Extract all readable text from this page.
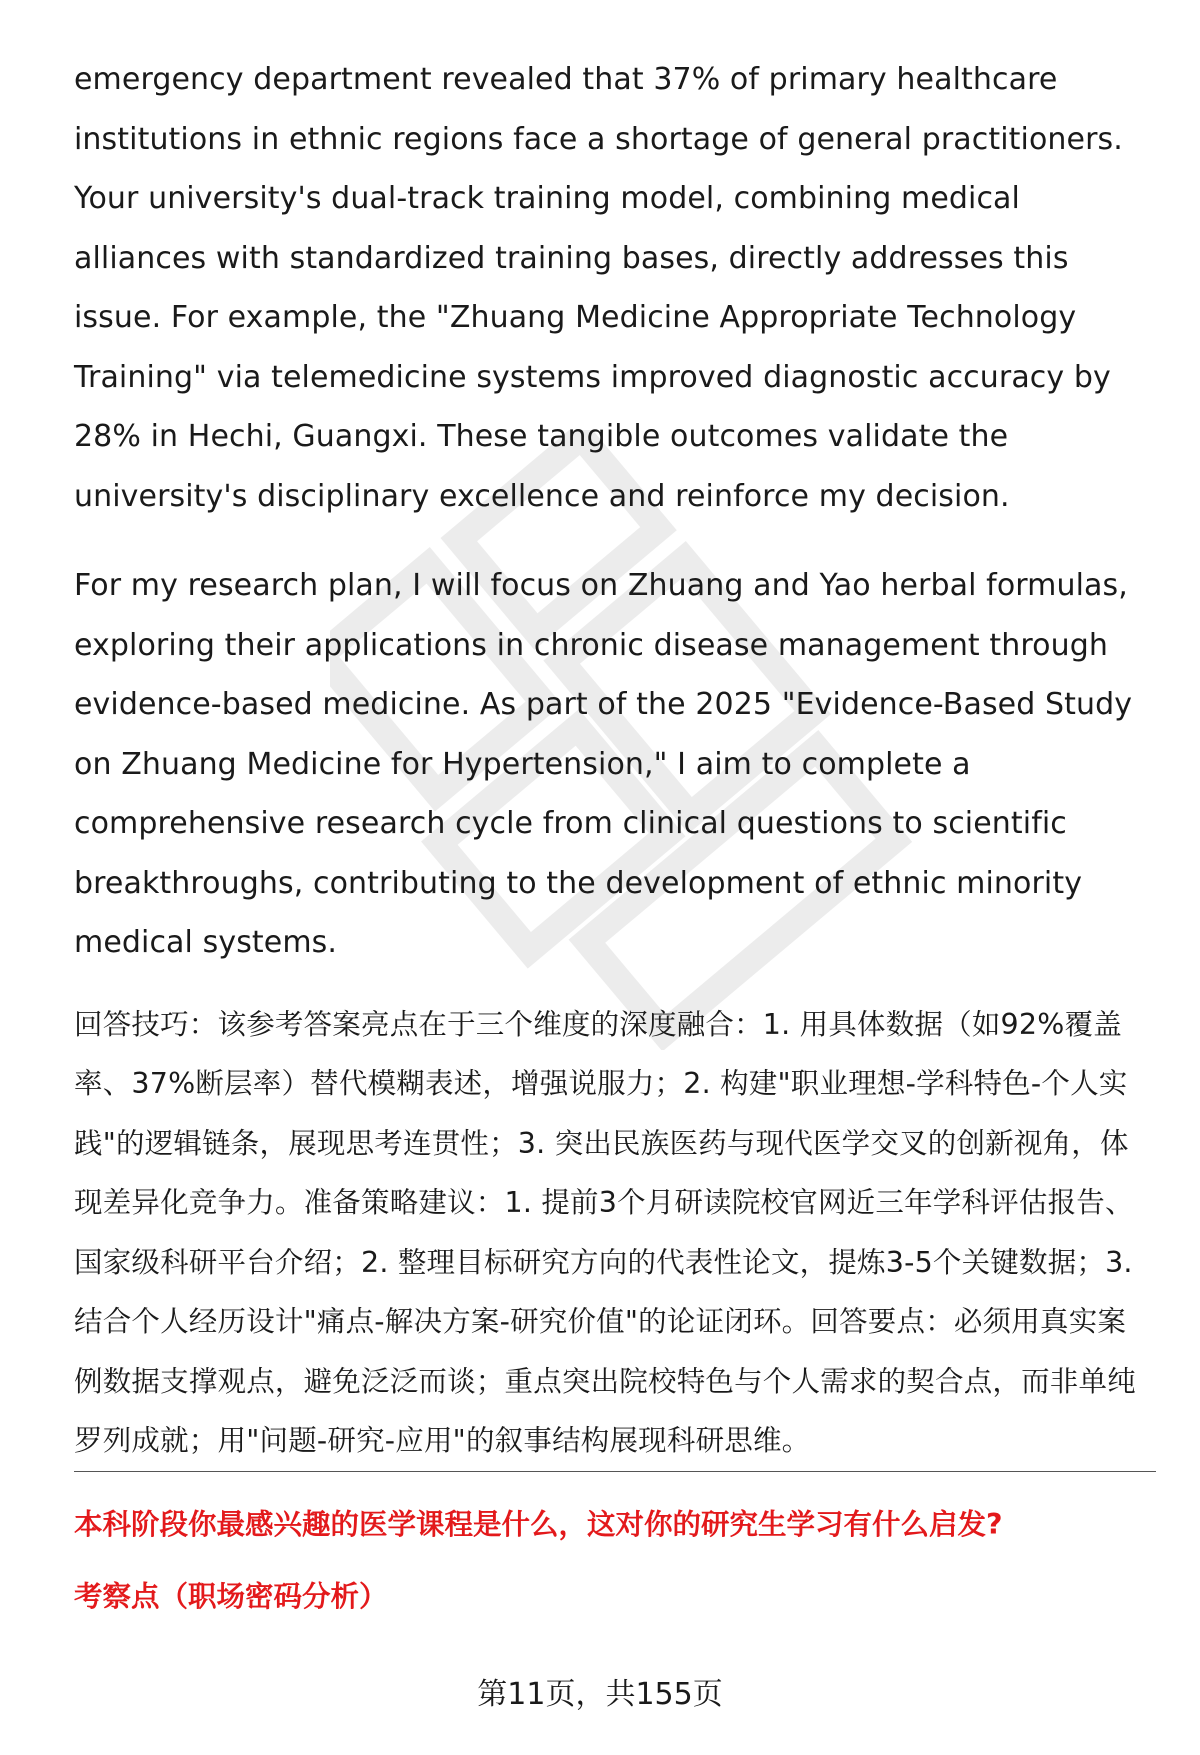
emergency department revealed that 37% of primary healthcare institutions in ethnic regions face a shortage of general practitioners. Your university's dual-track training model, combining medical alliances with standardized training bases, directly addresses this issue. For example, the "Zhuang Medicine Appropriate Technology Training" via telemedicine systems improved diagnostic accuracy by 28% in Hechi, Guangxi. These tangible outcomes validate the university's disciplinary excellence and reinforce my decision.

For my research plan, I will focus on Zhuang and Yao herbal formulas, exploring their applications in chronic disease management through evidence-based medicine. As part of the 2025 "Evidence-Based Study on Zhuang Medicine for Hypertension," I aim to complete a comprehensive research cycle from clinical questions to scientific breakthroughs, contributing to the development of ethnic minority medical systems.

回答技巧：该参考答案亮点在于三个维度的深度融合：1. 用具体数据（如92%覆盖率、37%断层率）替代模糊表述，增强说服力；2. 构建"职业理想-学科特色-个人实践"的逻辑链条，展现思考连贯性；3. 突出民族医药与现代医学交叉的创新视角，体现差异化竞争力。准备策略建议：1. 提前3个月研读院校官网近三年学科评估报告、国家级科研平台介绍；2. 整理目标研究方向的代表性论文，提炼3-5个关键数据；3. 结合个人经历设计"痛点-解决方案-研究价值"的论证闭环。回答要点：必须用真实案例数据支撑观点，避免泛泛而谈；重点突出院校特色与个人需求的契合点，而非单纯罗列成就；用"问题-研究-应用"的叙事结构展现科研思维。

本科阶段你最感兴趣的医学课程是什么，这对你的研究生学习有什么启发?
考察点（职场密码分析）
第11页，共155页
